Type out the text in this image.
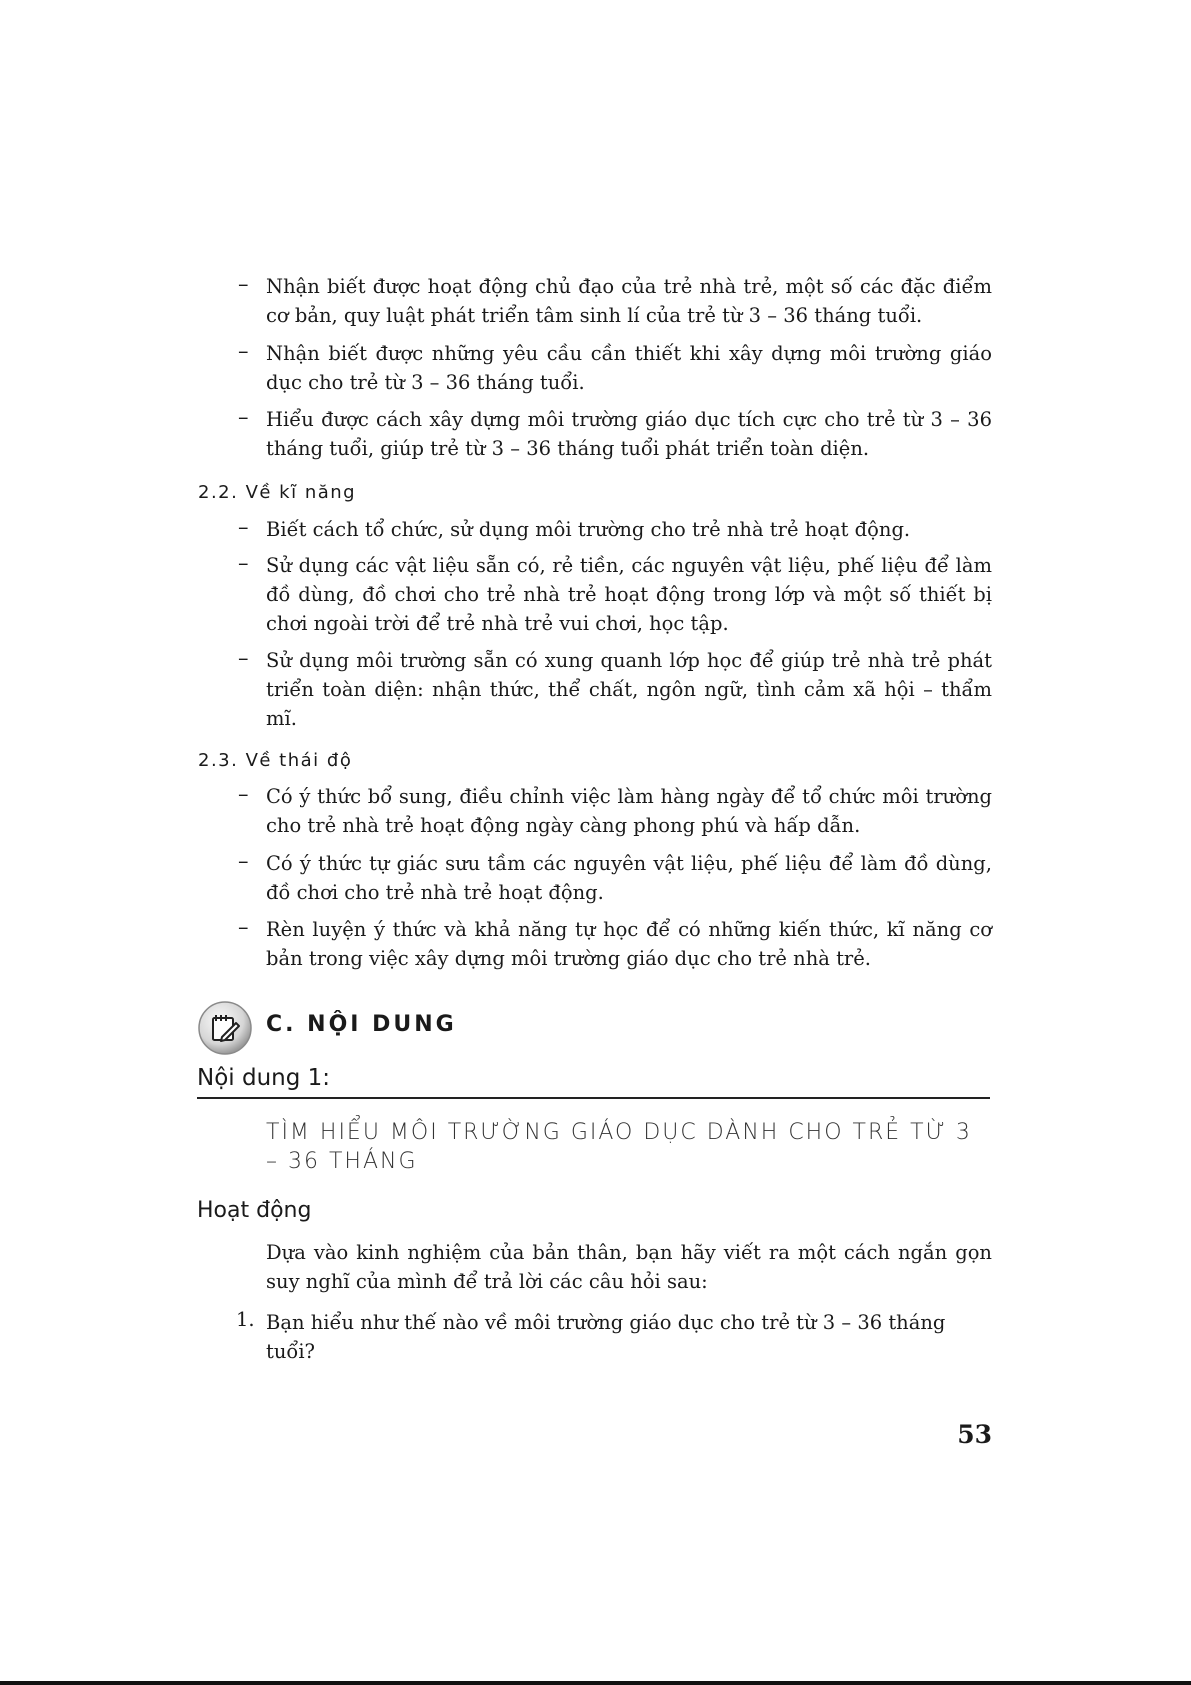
– Nhận biết được hoạt động chủ đạo của trẻ nhà trẻ, một số các đặc điểm cơ bản, quy luật phát triển tâm sinh lí của trẻ từ 3 – 36 tháng tuổi.
– Nhận biết được những yêu cầu cần thiết khi xây dựng môi trường giáo dục cho trẻ từ 3 – 36 tháng tuổi.
– Hiểu được cách xây dựng môi trường giáo dục tích cực cho trẻ từ 3 – 36 tháng tuổi, giúp trẻ từ 3 – 36 tháng tuổi phát triển toàn diện.
2.2. Về kĩ năng
– Biết cách tổ chức, sử dụng môi trường cho trẻ nhà trẻ hoạt động.
– Sử dụng các vật liệu sẵn có, rẻ tiền, các nguyên vật liệu, phế liệu để làm đồ dùng, đồ chơi cho trẻ nhà trẻ hoạt động trong lớp và một số thiết bị chơi ngoài trời để trẻ nhà trẻ vui chơi, học tập.
– Sử dụng môi trường sẵn có xung quanh lớp học để giúp trẻ nhà trẻ phát triển toàn diện: nhận thức, thể chất, ngôn ngữ, tình cảm xã hội – thẩm mĩ.
2.3. Về thái độ
– Có ý thức bổ sung, điều chỉnh việc làm hàng ngày để tổ chức môi trường cho trẻ nhà trẻ hoạt động ngày càng phong phú và hấp dẫn.
– Có ý thức tự giác sưu tầm các nguyên vật liệu, phế liệu để làm đồ dùng, đồ chơi cho trẻ nhà trẻ hoạt động.
– Rèn luyện ý thức và khả năng tự học để có những kiến thức, kĩ năng cơ bản trong việc xây dựng môi trường giáo dục cho trẻ nhà trẻ.
C. NỘI DUNG
Nội dung 1:
TÌM HIỂU MÔI TRƯỜNG GIÁO DỤC DÀNH CHO TRẺ TỪ 3 – 36 THÁNG
Hoạt động
Dựa vào kinh nghiệm của bản thân, bạn hãy viết ra một cách ngắn gọn suy nghĩ của mình để trả lời các câu hỏi sau:
1. Bạn hiểu như thế nào về môi trường giáo dục cho trẻ từ 3 – 36 tháng tuổi?
53
